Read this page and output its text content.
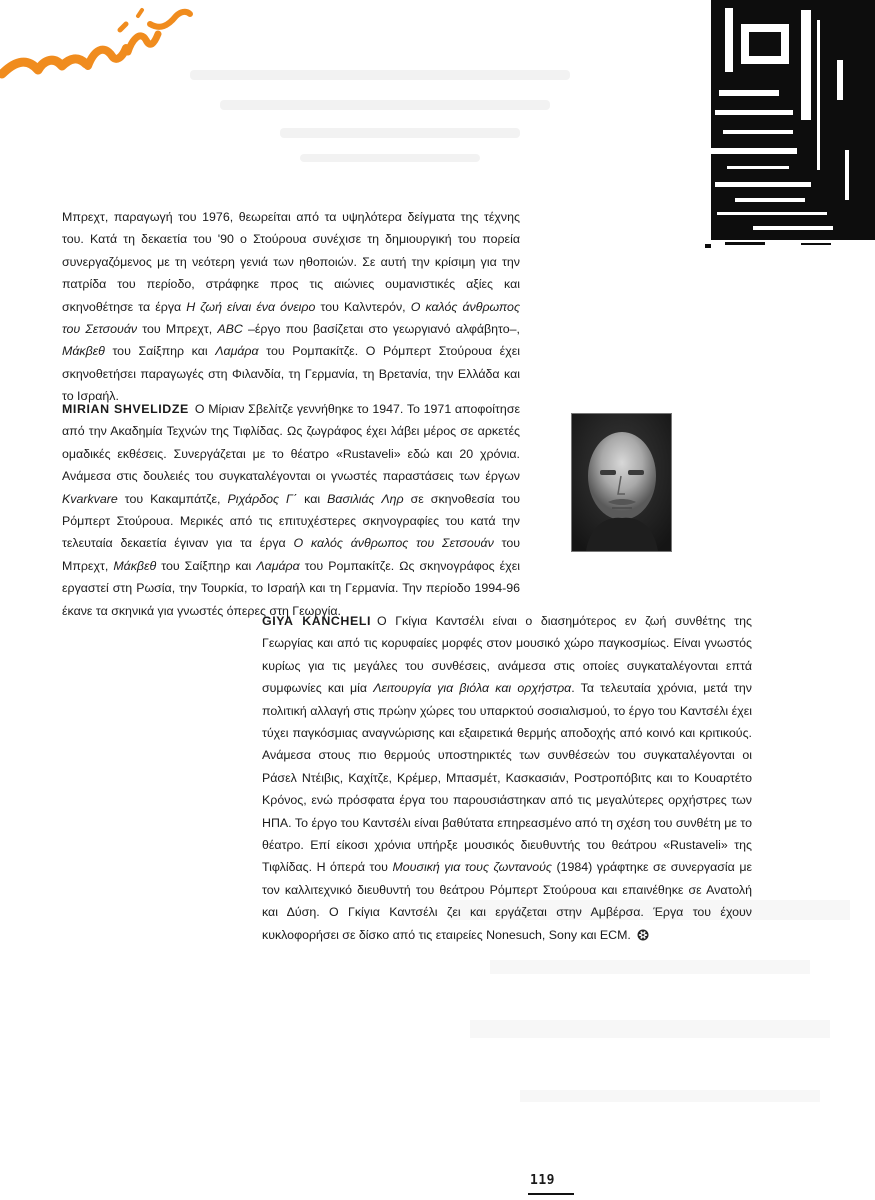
Μπρεχτ, παραγωγή του 1976, θεωρείται από τα υψηλότερα δείγματα της τέχνης του. Κατά τη δεκαετία του '90 ο Στούρουα συνέχισε τη δημιουργική του πορεία συνεργαζόμενος με τη νεότερη γενιά των ηθοποιών. Σε αυτή την κρίσιμη για την πατρίδα του περίοδο, στράφηκε προς τις αιώνιες ουμανιστικές αξίες και σκηνοθέτησε τα έργα Η ζωή είναι ένα όνειρο του Καλντερόν, Ο καλός άνθρωπος του Σετσουάν του Μπρεχτ, ABC –έργο που βασίζεται στο γεωργιανό αλφάβητο–, Μάκβεθ του Σαίξπηρ και Λαμάρα του Ρομπακίτζε. Ο Ρόμπερτ Στούρουα έχει σκηνοθετήσει παραγωγές στη Φιλανδία, τη Γερμανία, τη Βρετανία, την Ελλάδα και το Ισραήλ.

MIRIAN SHVELIDZE Ο Μίριαν Σβελίτζε γεννήθηκε το 1947. Το 1971 αποφοίτησε από την Ακαδημία Τεχνών της Τιφλίδας. Ως ζωγράφος έχει λάβει μέρος σε αρκετές ομαδικές εκθέσεις. Συνεργάζεται με το θέατρο «Rustaveli» εδώ και 20 χρόνια. Ανάμεσα στις δουλειές του συγκαταλέγονται οι γνωστές παραστάσεις των έργων Kvarkvare του Κακαμπάτζε, Ριχάρδος Γ΄ και Βασιλιάς Ληρ σε σκηνοθεσία του Ρόμπερτ Στούρουα. Μερικές από τις επιτυχέστερες σκηνογραφίες του κατά την τελευταία δεκαετία έγιναν για τα έργα Ο καλός άνθρωπος του Σετσουάν του Μπρεχτ, Μάκβεθ του Σαίξπηρ και Λαμάρα του Ρομπακίτζε. Ως σκηνογράφος έχει εργαστεί στη Ρωσία, την Τουρκία, το Ισραήλ και τη Γερμανία. Την περίοδο 1994-96 έκανε τα σκηνικά για γνωστές όπερες στη Γεωργία.

GIYA KANCHELI Ο Γκίγια Καντσέλι είναι ο διασημότερος εν ζωή συνθέτης της Γεωργίας και από τις κορυφαίες μορφές στον μουσικό χώρο παγκοσμίως. Είναι γνωστός κυρίως για τις μεγάλες του συνθέσεις, ανάμεσα στις οποίες συγκαταλέγονται επτά συμφωνίες και μία Λειτουργία για βιόλα και ορχήστρα. Τα τελευταία χρόνια, μετά την πολιτική αλλαγή στις πρώην χώρες του υπαρκτού σοσιαλισμού, το έργο του Καντσέλι έχει τύχει παγκόσμιας αναγνώρισης και εξαιρετικά θερμής αποδοχής από κοινό και κριτικούς. Ανάμεσα στους πιο θερμούς υποστηρικτές των συνθέσεών του συγκαταλέγονται οι Ράσελ Ντέιβις, Καχίτζε, Κρέμερ, Μπασμέτ, Κασκασιάν, Ροστροπόβιτς και το Κουαρτέτο Κρόνος, ενώ πρόσφατα έργα του παρουσιάστηκαν από τις μεγαλύτερες ορχήστρες των ΗΠΑ. Το έργο του Καντσέλι είναι βαθύτατα επηρεασμένο από τη σχέση του συνθέτη με το θέατρο. Επί είκοσι χρόνια υπήρξε μουσικός διευθυντής του θεάτρου «Rustaveli» της Τιφλίδας. Η όπερά του Μουσική για τους ζωντανούς (1984) γράφτηκε σε συνεργασία με τον καλλιτεχνικό διευθυντή του θεάτρου Ρόμπερτ Στούρουα και επαινέθηκε σε Ανατολή και Δύση. Ο Γκίγια Καντσέλι ζει και εργάζεται στην Αμβέρσα. Έργα του έχουν κυκλοφορήσει σε δίσκο από τις εταιρείες Nonesuch, Sony και ECM.

119
